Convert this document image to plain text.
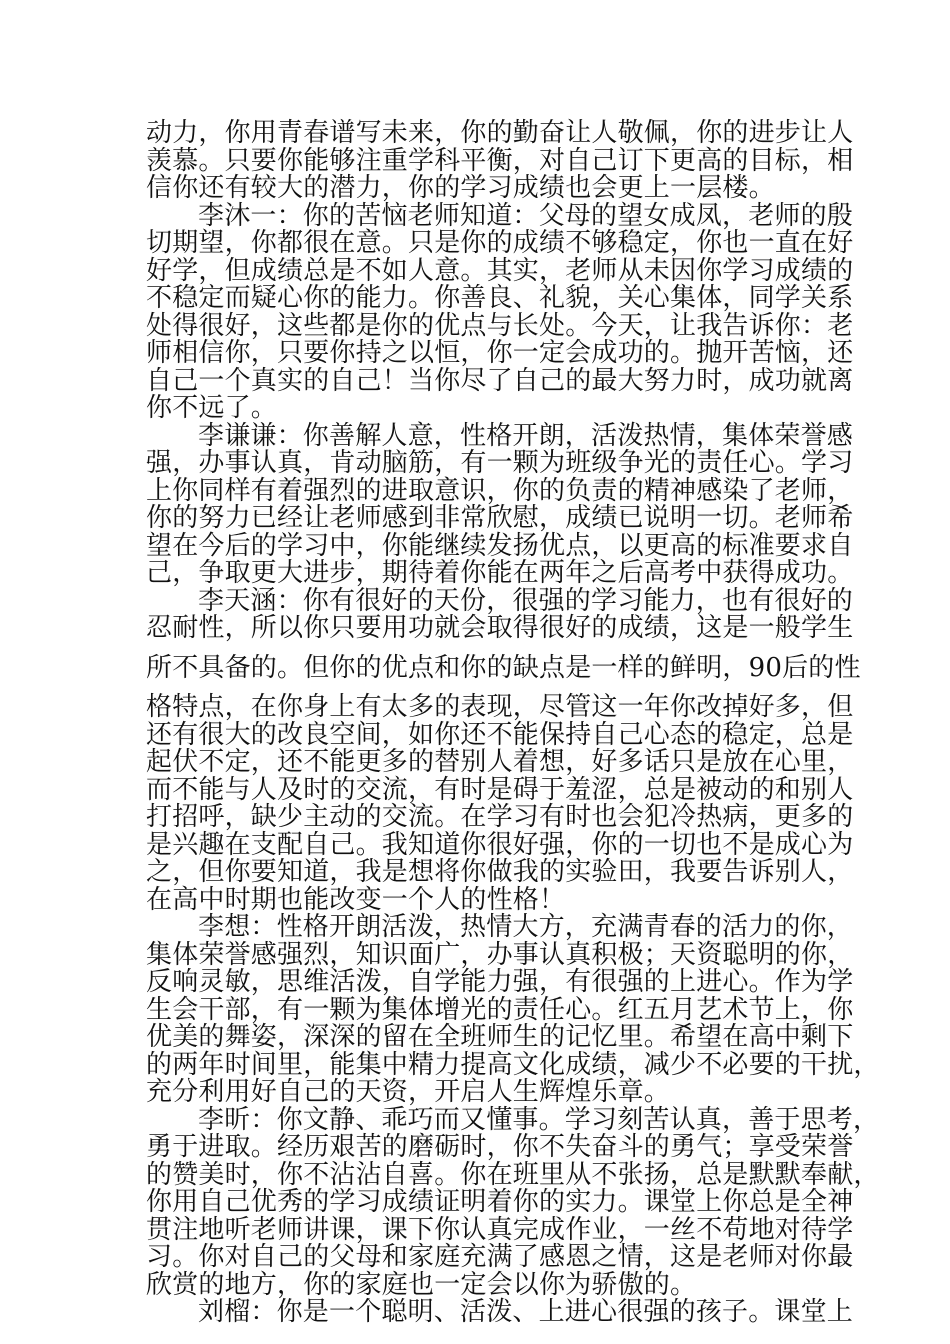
动力，你用青春谱写未来，你的勤奋让人敬佩，你的进步让人
羡慕。只要你能够注重学科平衡，对自己订下更高的目标，相
信你还有较大的潜力，你的学习成绩也会更上一层楼。
李沐一：你的苦恼老师知道：父母的望女成凤，老师的殷
切期望，你都很在意。只是你的成绩不够稳定，你也一直在好
好学，但成绩总是不如人意。其实，老师从未因你学习成绩的
不稳定而疑心你的能力。你善良、礼貌，关心集体，同学关系
处得很好，这些都是你的优点与长处。今天，让我告诉你：老
师相信你，只要你持之以恒，你一定会成功的。抛开苦恼，还
自己一个真实的自己！当你尽了自己的最大努力时，成功就离
你不远了。
李谦谦：你善解人意，性格开朗，活泼热情，集体荣誉感
强，办事认真，肯动脑筋，有一颗为班级争光的责任心。学习
上你同样有着强烈的进取意识，你的负责的精神感染了老师，
你的努力已经让老师感到非常欣慰，成绩已说明一切。老师希
望在今后的学习中，你能继续发扬优点，以更高的标准要求自
己，争取更大进步，期待着你能在两年之后高考中获得成功。
李天涵：你有很好的天份，很强的学习能力，也有很好的
忍耐性，所以你只要用功就会取得很好的成绩，这是一般学生
所不具备的。但你的优点和你的缺点是一样的鲜明，90后的性
格特点，在你身上有太多的表现，尽管这一年你改掉好多，但
还有很大的改良空间，如你还不能保持自己心态的稳定，总是
起伏不定，还不能更多的替别人着想，好多话只是放在心里，
而不能与人及时的交流，有时是碍于羞涩，总是被动的和别人
打招呼，缺少主动的交流。在学习有时也会犯冷热病，更多的
是兴趣在支配自己。我知道你很好强，你的一切也不是成心为
之，但你要知道，我是想将你做我的实验田，我要告诉别人，
在高中时期也能改变一个人的性格！
李想：性格开朗活泼，热情大方，充满青春的活力的你，
集体荣誉感强烈，知识面广，办事认真积极；天资聪明的你，
反响灵敏，思维活泼，自学能力强，有很强的上进心。作为学
生会干部，有一颗为集体增光的责任心。红五月艺术节上，你
优美的舞姿，深深的留在全班师生的记忆里。希望在高中剩下
的两年时间里，能集中精力提高文化成绩，减少不必要的干扰，
充分利用好自己的天资，开启人生辉煌乐章。
李昕：你文静、乖巧而又懂事。学习刻苦认真，善于思考，
勇于进取。经历艰苦的磨砺时，你不失奋斗的勇气；享受荣誉
的赞美时，你不沾沾自喜。你在班里从不张扬，总是默默奉献，
你用自己优秀的学习成绩证明着你的实力。课堂上你总是全神
贯注地听老师讲课，课下你认真完成作业，一丝不苟地对待学
习。你对自己的父母和家庭充满了感恩之情，这是老师对你最
欣赏的地方，你的家庭也一定会以你为骄傲的。
刘榴：你是一个聪明、活泼、上进心很强的孩子。课堂上
